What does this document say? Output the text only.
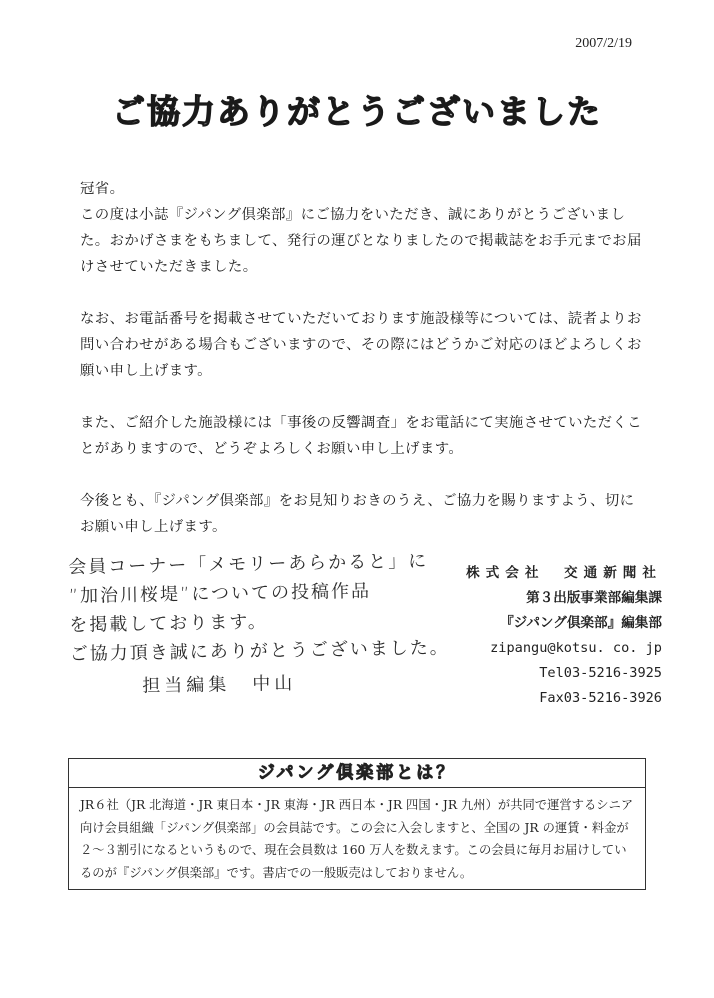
2007/2/19
ご協力ありがとうございました

冠省。

この度は小誌『ジパング倶楽部』にご協力をいただき、誠にありがとうございました。おかげさまをもちまして、発行の運びとなりましたので掲載誌をお手元までお届けさせていただきました。

なお、お電話番号を掲載させていただいております施設様等については、読者よりお問い合わせがある場合もございますので、その際にはどうかご対応のほどよろしくお願い申し上げます。

また、ご紹介した施設様には「事後の反響調査」をお電話にて実施させていただくことがありますので、どうぞよろしくお願い申し上げます。

今後とも、『ジパング倶楽部』をお見知りおきのうえ、ご協力を賜りますよう、切にお願い申し上げます。

会員コーナー「メモリーあらかると」に
”加治川桜堤”についての投稿作品
を掲載しております。
ご協力頂き誠にありがとうございました。
担当編集　中山
株式会社　交通新聞社
第３出版事業部編集課
『ジパング倶楽部』編集部
zipangu@kotsu. co. jp
Tel03-5216-3925
Fax03-5216-3926
ジパング倶楽部とは？
JR６社（JR 北海道・JR 東日本・JR 東海・JR 西日本・JR 四国・JR 九州）が共同で運営するシニア向け会員組織「ジパング倶楽部」の会員誌です。この会に入会しますと、全国の JR の運賃・料金が２〜３割引になるというもので、現在会員数は 160 万人を数えます。この会員に毎月お届けしているのが『ジパング倶楽部』です。書店での一般販売はしておりません。
